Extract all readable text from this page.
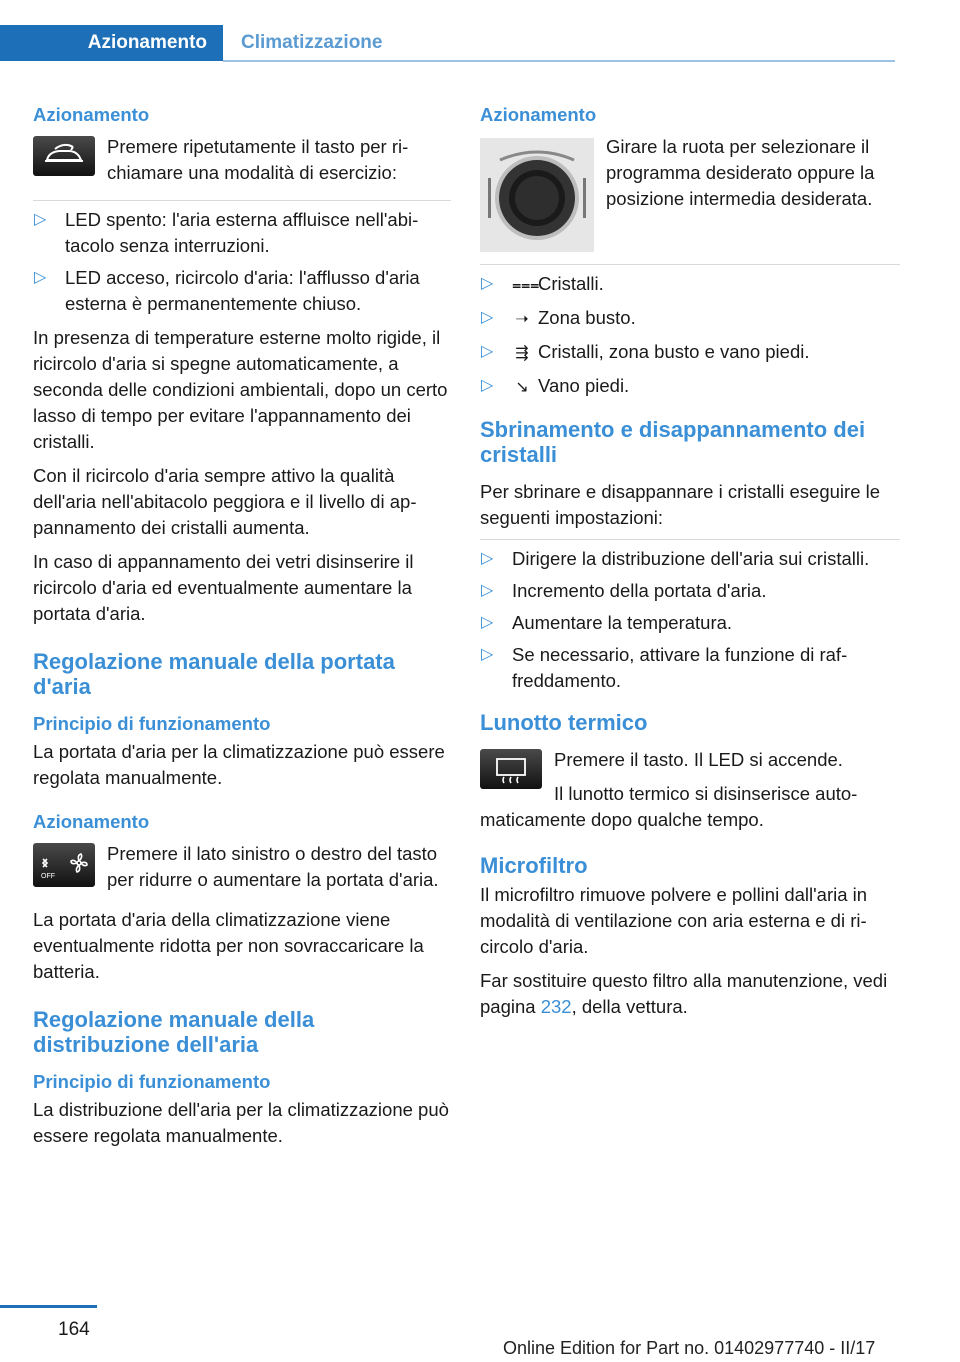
Azionamento	Climatizzazione
Azionamento

Premere ripetutamente il tasto per richiamare una modalità di esercizio:

▷ LED spento: l'aria esterna affluisce nell'abitacolo senza interruzioni.
▷ LED acceso, ricircolo d'aria: l'afflusso d'aria esterna è permanentemente chiuso.

In presenza di temperature esterne molto rigide, il ricircolo d'aria si spegne automaticamente, a seconda delle condizioni ambientali, dopo un certo lasso di tempo per evitare l'appannamento dei cristalli.

Con il ricircolo d'aria sempre attivo la qualità dell'aria nell'abitacolo peggiora e il livello di appannamento dei cristalli aumenta.

In caso di appannamento dei vetri disinserire il ricircolo d'aria ed eventualmente aumentare la portata d'aria.

Regolazione manuale della portata d'aria
Principio di funzionamento

La portata d'aria per la climatizzazione può essere regolata manualmente.

Azionamento
OFF

Premere il lato sinistro o destro del tasto per ridurre o aumentare la portata d'aria.

La portata d'aria della climatizzazione viene eventualmente ridotta per non sovraccaricare la batteria.

Regolazione manuale della distribuzione dell'aria
Principio di funzionamento

La distribuzione dell'aria per la climatizzazione può essere regolata manualmente.

Azionamento

Girare la ruota per selezionare il programma desiderato oppure la posizione intermedia desiderata.

▷ ⩶Cristalli.
▷ ➝ Zona busto.
▷ ⇶ Cristalli, zona busto e vano piedi.
▷ ↘ Vano piedi.
Sbrinamento e disappannamento dei cristalli

Per sbrinare e disappannare i cristalli eseguire le seguenti impostazioni:

▷ Dirigere la distribuzione dell'aria sui cristalli.
▷ Incremento della portata d'aria.
▷ Aumentare la temperatura.
▷ Se necessario, attivare la funzione di raffreddamento.
Lunotto termico

Premere il tasto. Il LED si accende.

Il lunotto termico si disinserisce automaticamente dopo qualche tempo.

Microfiltro

Il microfiltro rimuove polvere e pollini dall'aria in modalità di ventilazione con aria esterna e di ricircolo d'aria.

Far sostituire questo filtro alla manutenzione, vedi pagina 232, della vettura.

164
Online Edition for Part no. 01402977740 - II/17
